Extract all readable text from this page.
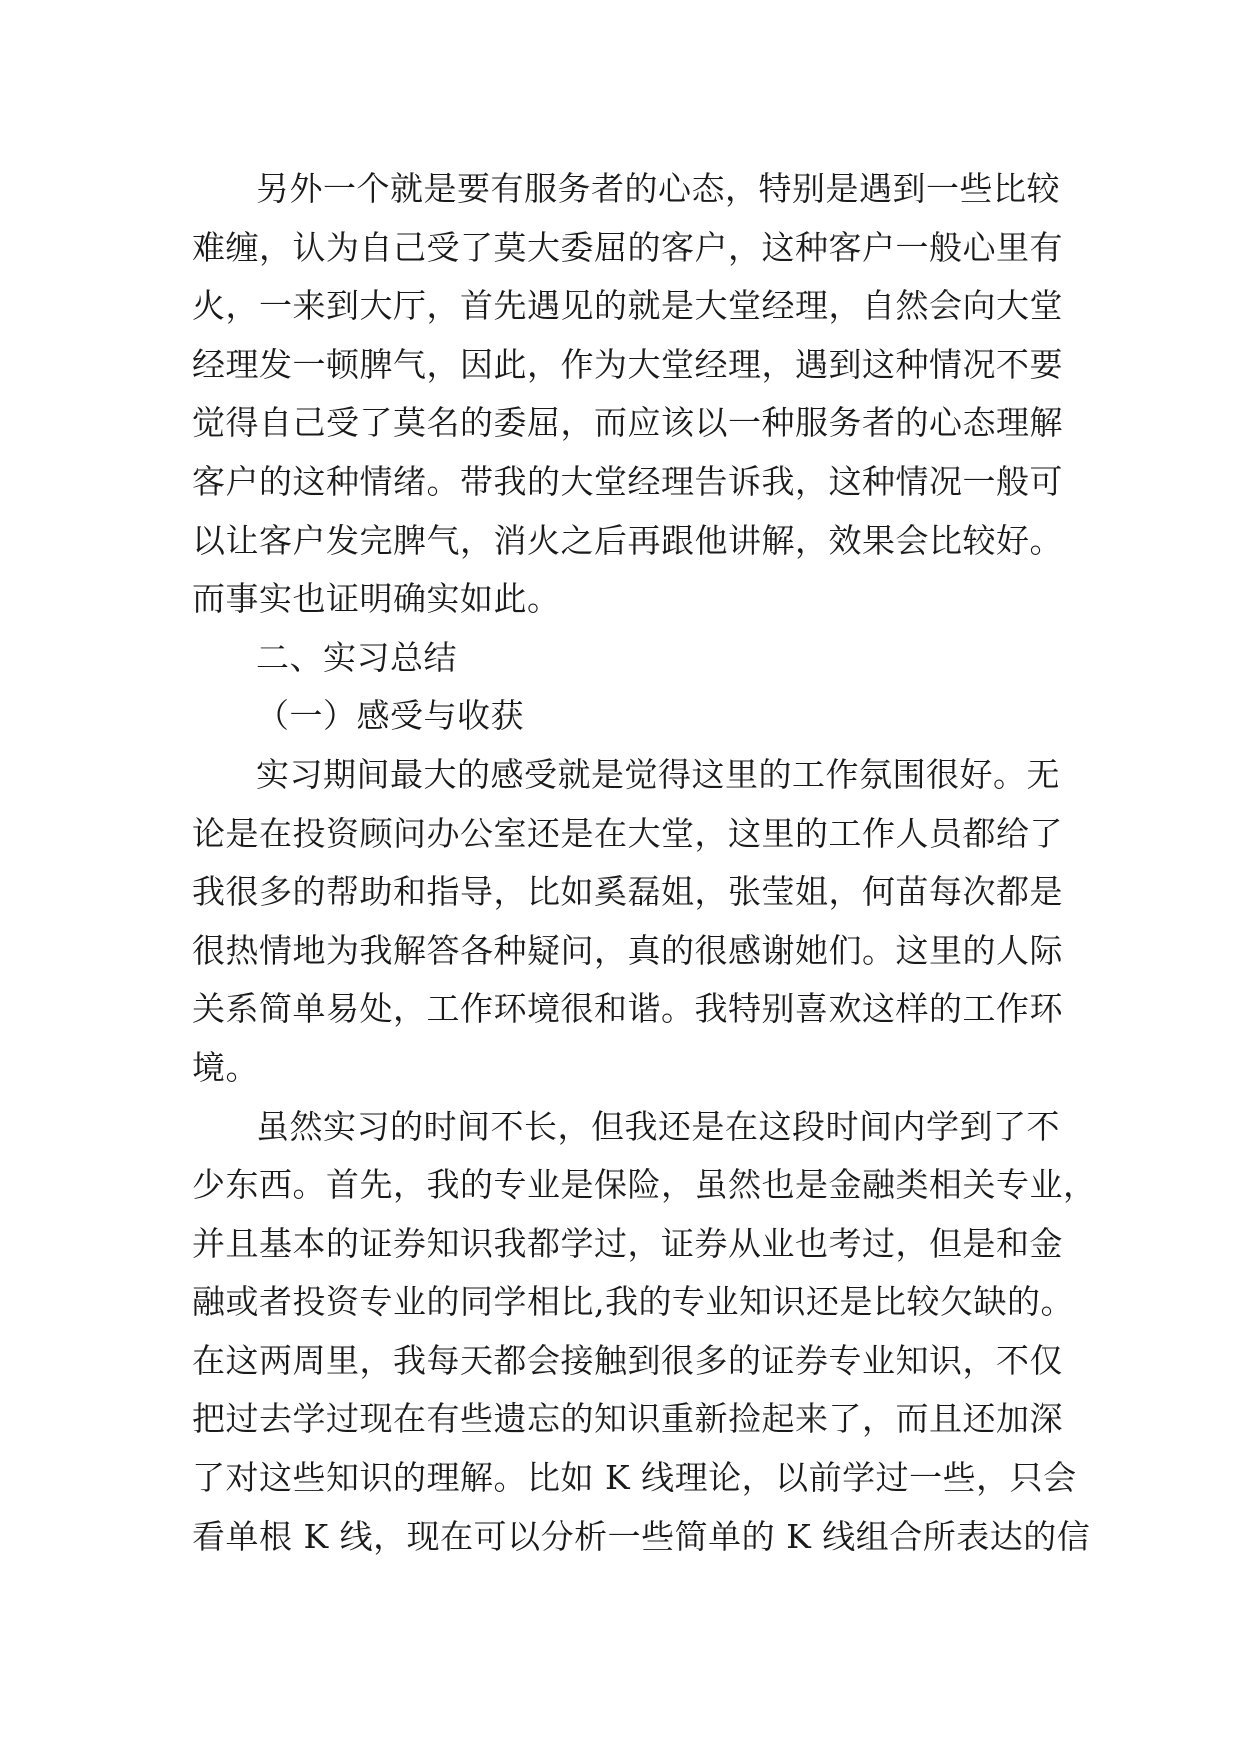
另外一个就是要有服务者的心态，特别是遇到一些比较
难缠，认为自己受了莫大委屈的客户，这种客户一般心里有
火，一来到大厅，首先遇见的就是大堂经理，自然会向大堂
经理发一顿脾气，因此，作为大堂经理，遇到这种情况不要
觉得自己受了莫名的委屈，而应该以一种服务者的心态理解
客户的这种情绪。带我的大堂经理告诉我，这种情况一般可
以让客户发完脾气，消火之后再跟他讲解，效果会比较好。
而事实也证明确实如此。
二、实习总结
（一）感受与收获
实习期间最大的感受就是觉得这里的工作氛围很好。无
论是在投资顾问办公室还是在大堂，这里的工作人员都给了
我很多的帮助和指导，比如奚磊姐，张莹姐，何苗每次都是
很热情地为我解答各种疑问，真的很感谢她们。这里的人际
关系简单易处，工作环境很和谐。我特别喜欢这样的工作环
境。
虽然实习的时间不长，但我还是在这段时间内学到了不
少东西。首先，我的专业是保险，虽然也是金融类相关专业，
并且基本的证券知识我都学过，证券从业也考过，但是和金
融或者投资专业的同学相比,我的专业知识还是比较欠缺的。
在这两周里，我每天都会接触到很多的证券专业知识，不仅
把过去学过现在有些遗忘的知识重新捡起来了，而且还加深
了对这些知识的理解。比如 K 线理论，以前学过一些，只会
看单根 K 线，现在可以分析一些简单的 K 线组合所表达的信
